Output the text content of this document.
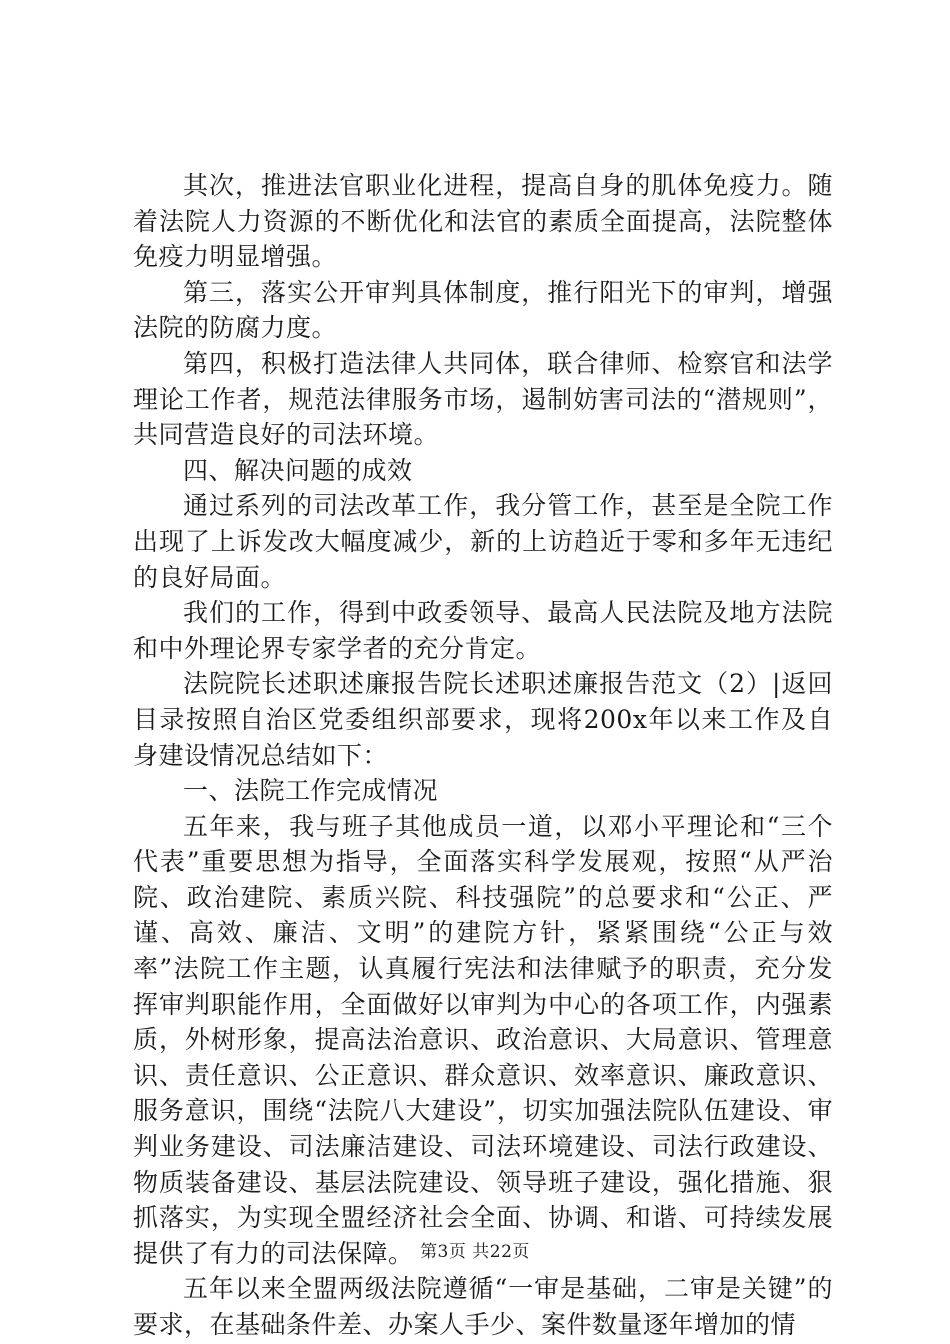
其次，推进法官职业化进程，提高自身的肌体免疫力。随着法院人力资源的不断优化和法官的素质全面提高，法院整体免疫力明显增强。

第三，落实公开审判具体制度，推行阳光下的审判，增强法院的防腐力度。

第四，积极打造法律人共同体，联合律师、检察官和法学理论工作者，规范法律服务市场，遏制妨害司法的“潜规则”，共同营造良好的司法环境。

四、解决问题的成效

通过系列的司法改革工作，我分管工作，甚至是全院工作出现了上诉发改大幅度减少，新的上访趋近于零和多年无违纪的良好局面。

我们的工作，得到中政委领导、最高人民法院及地方法院和中外理论界专家学者的充分肯定。

法院院长述职述廉报告院长述职述廉报告范文（2）|返回目录按照自治区党委组织部要求，现将200x年以来工作及自身建设情况总结如下：

一、法院工作完成情况

五年来，我与班子其他成员一道，以邓小平理论和“三个代表”重要思想为指导，全面落实科学发展观，按照“从严治院、政治建院、素质兴院、科技强院”的总要求和“公正、严谨、高效、廉洁、文明”的建院方针，紧紧围绕“公正与效率”法院工作主题，认真履行宪法和法律赋予的职责，充分发挥审判职能作用，全面做好以审判为中心的各项工作，内强素质，外树形象，提高法治意识、政治意识、大局意识、管理意识、责任意识、公正意识、群众意识、效率意识、廉政意识、服务意识，围绕“法院八大建设”，切实加强法院队伍建设、审判业务建设、司法廉洁建设、司法环境建设、司法行政建设、物质装备建设、基层法院建设、领导班子建设，强化措施、狠抓落实，为实现全盟经济社会全面、协调、和谐、可持续发展提供了有力的司法保障。

五年以来全盟两级法院遵循“一审是基础，二审是关键”的要求，在基础条件差、办案人手少、案件数量逐年增加的情

第3页 共22页
